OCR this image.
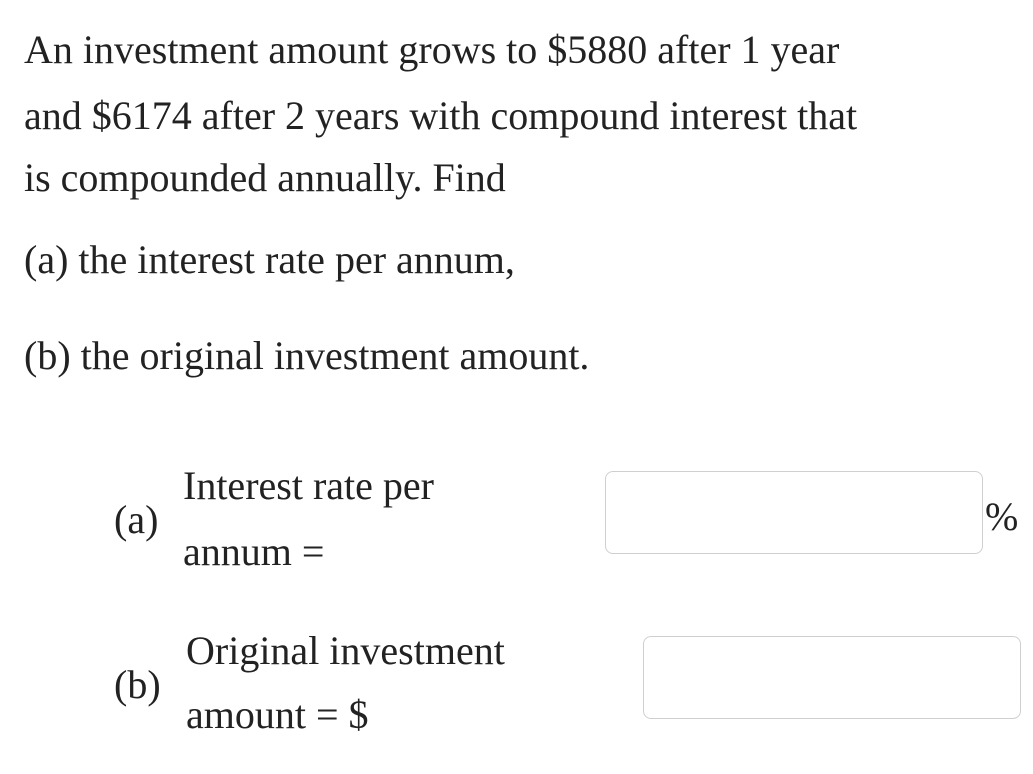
An investment amount grows to $5880 after 1 year
and $6174 after 2 years with compound interest that
is compounded annually. Find
(a) the interest rate per annum,
(b) the original investment amount.
(a)
Interest rate per
annum =
%
(b)
Original investment
amount = $
